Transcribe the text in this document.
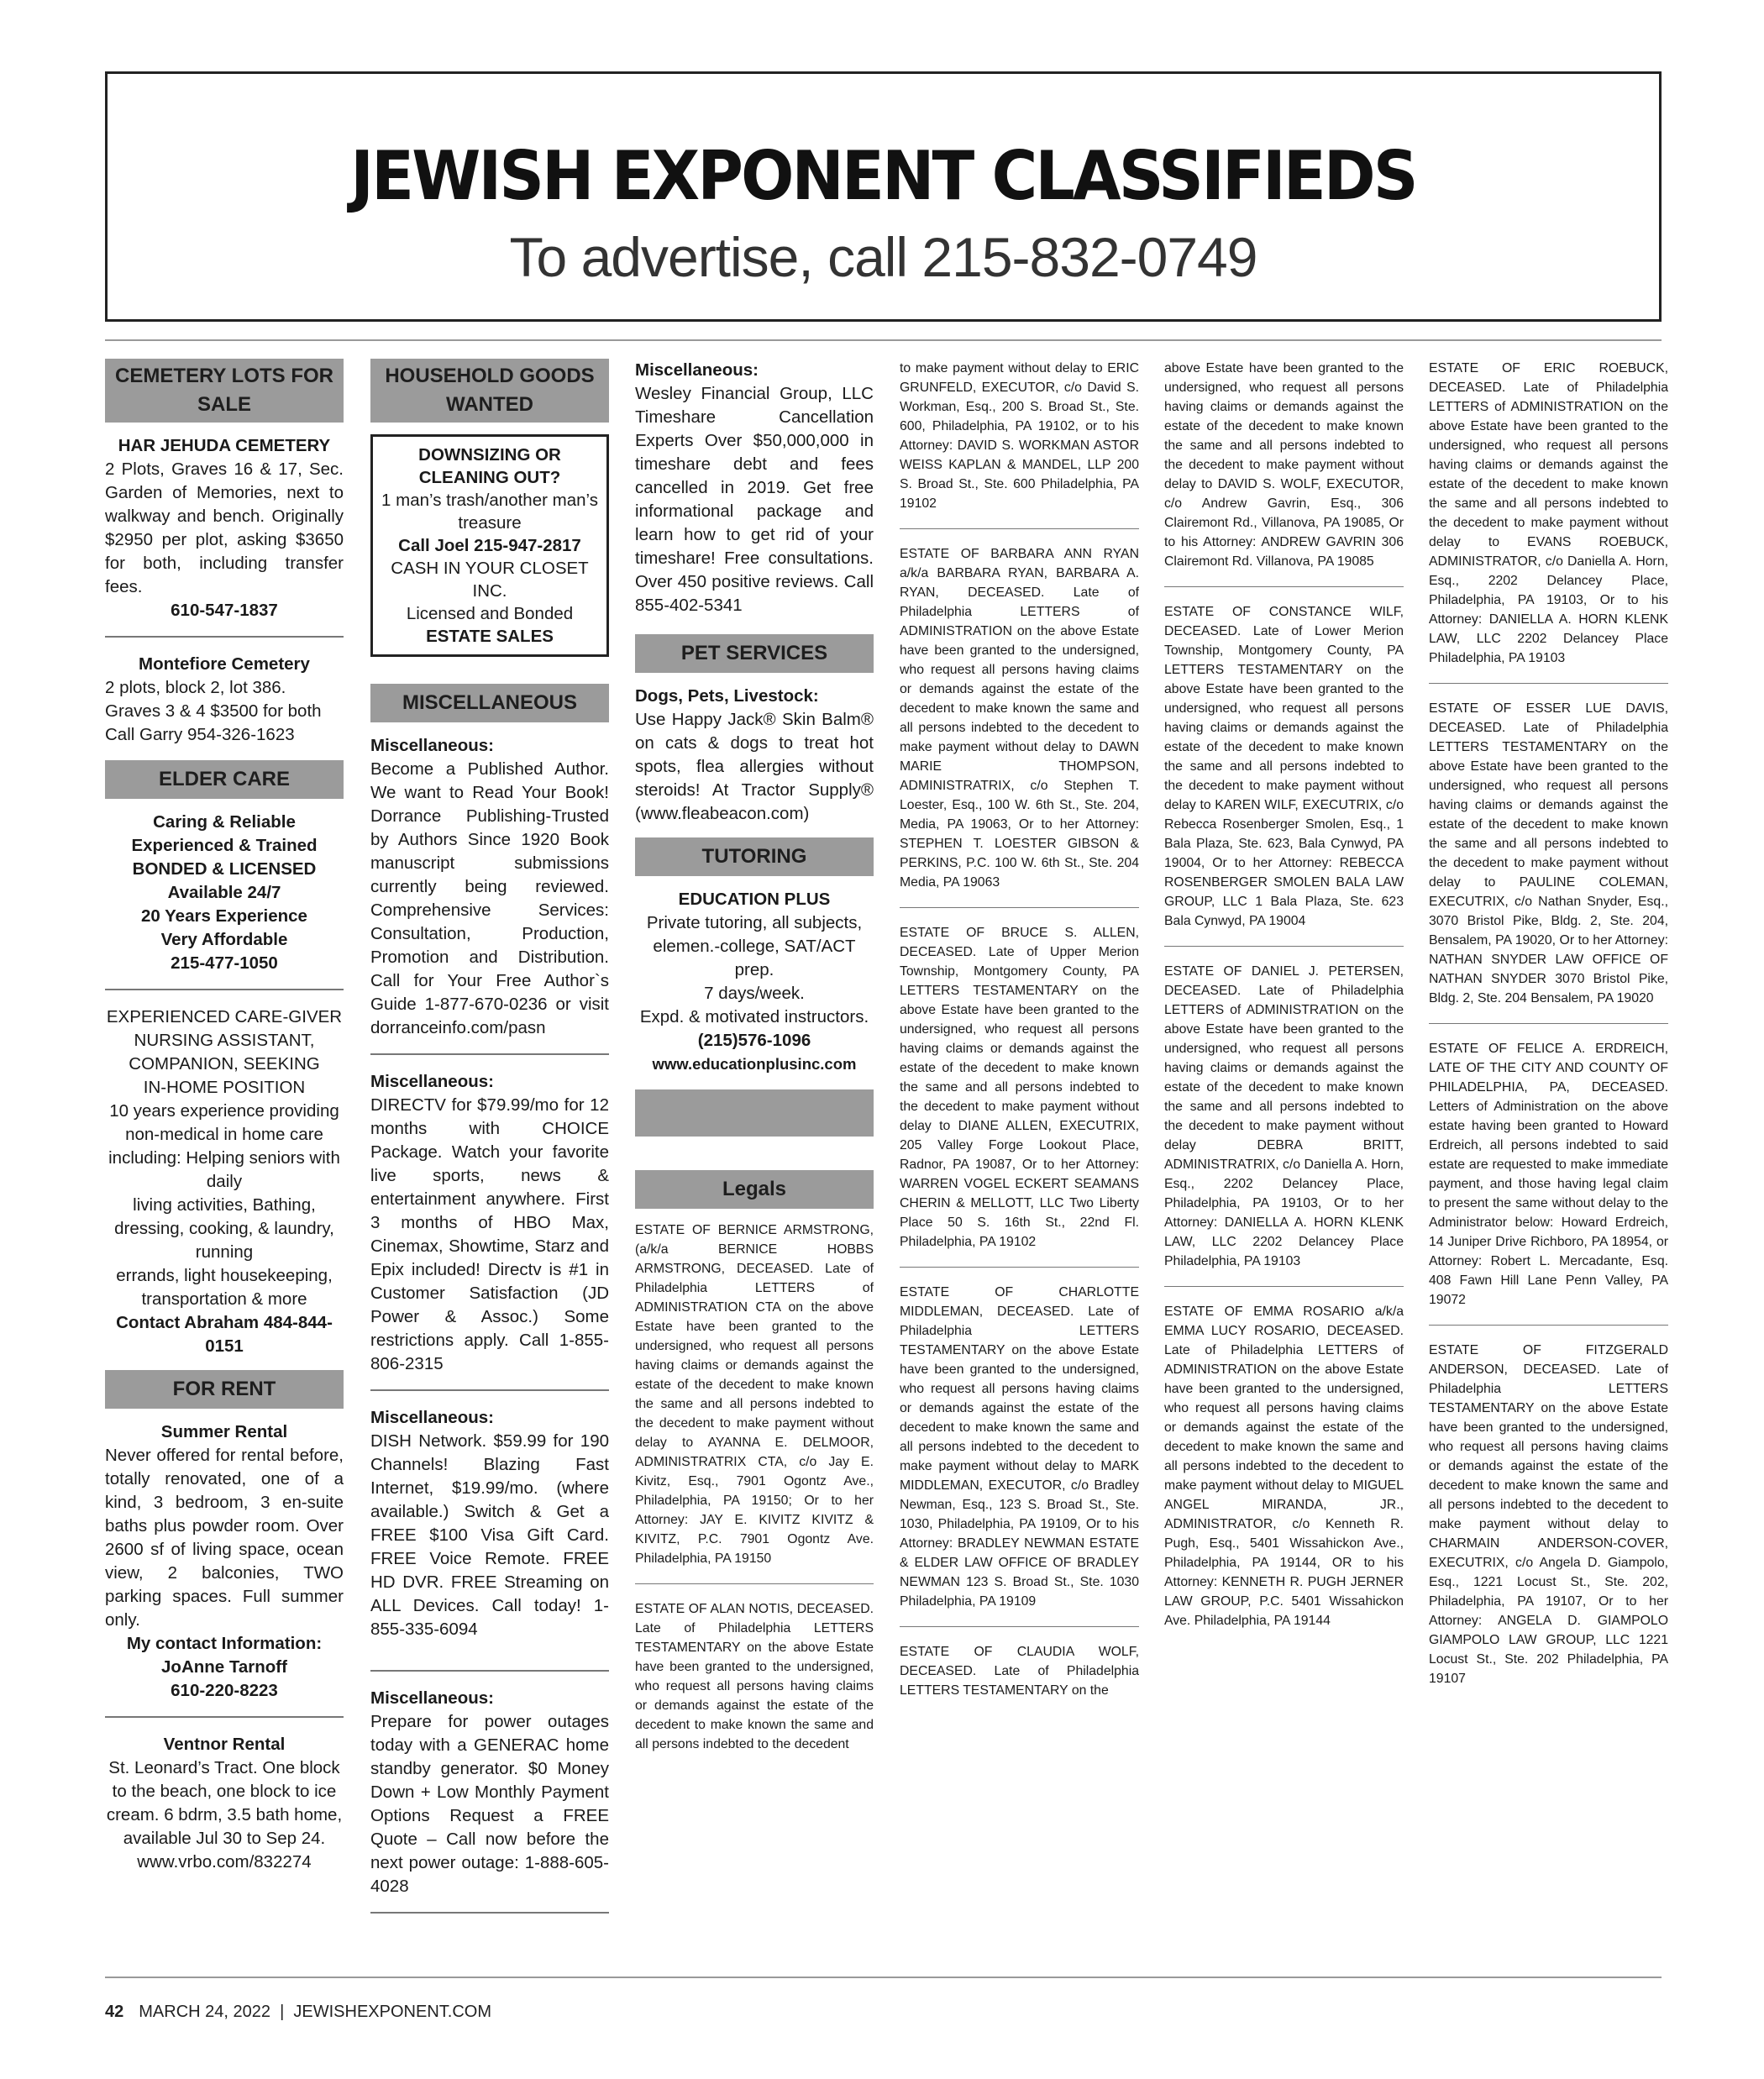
JEWISH EXPONENT CLASSIFIEDS
To advertise, call 215-832-0749
CEMETERY LOTS FOR SALE

HAR JEHUDA CEMETERY

2 Plots, Graves 16 & 17, Sec. Garden of Memories, next to walkway and bench. Originally $2950 per plot, asking $3650 for both, including transfer fees.

610-547-1837

Montefiore Cemetery

2 plots, block 2, lot 386.

Graves 3 & 4 $3500 for both

Call Garry 954-326-1623

ELDER CARE

Caring & Reliable

Experienced & Trained

BONDED & LICENSED

Available 24/7

20 Years Experience

Very Affordable

215-477-1050

EXPERIENCED CARE-GIVER

NURSING ASSISTANT,

COMPANION, SEEKING

IN-HOME POSITION

10 years experience providing non-medical in home care including: Helping seniors with daily

living activities, Bathing, dressing, cooking, & laundry, running

errands, light housekeeping, transportation & more

Contact Abraham 484-844-0151

FOR RENT

Summer Rental

Never offered for rental before, totally renovated, one of a kind, 3 bedroom, 3 en-suite baths plus powder room. Over 2600 sf of living space, ocean view, 2 balconies, TWO parking spaces. Full summer only.

My contact Information:

JoAnne Tarnoff

610-220-8223

Ventnor Rental

St. Leonard’s Tract. One block to the beach, one block to ice cream. 6 bdrm, 3.5 bath home, available Jul 30 to Sep 24.

www.vrbo.com/832274

HOUSEHOLD GOODS WANTED

DOWNSIZING OR CLEANING OUT?

1 man’s trash/another man’s treasure

Call Joel 215-947-2817

CASH IN YOUR CLOSET INC.

Licensed and Bonded

ESTATE SALES

MISCELLANEOUS

Miscellaneous:

Become a Published Author. We want to Read Your Book! Dorrance Publishing-Trusted by Authors Since 1920 Book manuscript submissions currently being reviewed. Comprehensive Services: Consultation, Production, Promotion and Distribution. Call for Your Free Author`s Guide 1-877-670-0236 or visit dorranceinfo.com/pasn

Miscellaneous:

DIRECTV for $79.99/mo for 12 months with CHOICE Package. Watch your favorite live sports, news & entertainment anywhere. First 3 months of HBO Max, Cinemax, Showtime, Starz and Epix included! Directv is #1 in Customer Satisfaction (JD Power & Assoc.) Some restrictions apply. Call 1-855-806-2315

Miscellaneous:

DISH Network. $59.99 for 190 Channels! Blazing Fast Internet, $19.99/mo. (where available.) Switch & Get a FREE $100 Visa Gift Card. FREE Voice Remote. FREE HD DVR. FREE Streaming on ALL Devices. Call today! 1-855-335-6094

Miscellaneous:

Prepare for power outages today with a GENERAC home standby generator. $0 Money Down + Low Monthly Payment Options Request a FREE Quote – Call now before the next power outage: 1-888-605-4028

Miscellaneous:

Wesley Financial Group, LLC Timeshare Cancellation Experts Over $50,000,000 in timeshare debt and fees cancelled in 2019. Get free informational package and learn how to get rid of your timeshare! Free consultations. Over 450 positive reviews. Call 855-402-5341

PET SERVICES

Dogs, Pets, Livestock:

Use Happy Jack® Skin Balm® on cats & dogs to treat hot spots, flea allergies without steroids! At Tractor Supply® (www.fleabeacon.com)

TUTORING

EDUCATION PLUS

Private tutoring, all subjects, elemen.-college, SAT/ACT prep.

7 days/week.

Expd. & motivated instructors.

(215)576-1096

www.educationplusinc.com

Legals

ESTATE OF BERNICE ARMSTRONG, (a/k/a BERNICE HOBBS ARMSTRONG, DECEASED. Late of Philadelphia LETTERS of ADMINISTRATION CTA on the above Estate have been granted to the undersigned, who request all persons having claims or demands against the estate of the decedent to make known the same and all persons indebted to the decedent to make payment without delay to AYANNA E. DELMOOR, ADMINISTRATRIX CTA, c/o Jay E. Kivitz, Esq., 7901 Ogontz Ave., Philadelphia, PA 19150; Or to her Attorney: JAY E. KIVITZ KIVITZ & KIVITZ, P.C. 7901 Ogontz Ave. Philadelphia, PA 19150

ESTATE OF ALAN NOTIS, DECEASED. Late of Philadelphia LETTERS TESTAMENTARY on the above Estate have been granted to the undersigned, who request all persons having claims or demands against the estate of the decedent to make known the same and all persons indebted to the decedent

to make payment without delay to ERIC GRUNFELD, EXECUTOR, c/o David S. Workman, Esq., 200 S. Broad St., Ste. 600, Philadelphia, PA 19102, or to his Attorney: DAVID S. WORKMAN ASTOR WEISS KAPLAN & MANDEL, LLP 200 S. Broad St., Ste. 600 Philadelphia, PA 19102

ESTATE OF BARBARA ANN RYAN a/k/a BARBARA RYAN, BARBARA A. RYAN, DECEASED. Late of Philadelphia LETTERS of ADMINISTRATION on the above Estate have been granted to the undersigned, who request all persons having claims or demands against the estate of the decedent to make known the same and all persons indebted to the decedent to make payment without delay to DAWN MARIE THOMPSON, ADMINISTRATRIX, c/o Stephen T. Loester, Esq., 100 W. 6th St., Ste. 204, Media, PA 19063, Or to her Attorney: STEPHEN T. LOESTER GIBSON & PERKINS, P.C. 100 W. 6th St., Ste. 204 Media, PA 19063

ESTATE OF BRUCE S. ALLEN, DECEASED. Late of Upper Merion Township, Montgomery County, PA LETTERS TESTAMENTARY on the above Estate have been granted to the undersigned, who request all persons having claims or demands against the estate of the decedent to make known the same and all persons indebted to the decedent to make payment without delay to DIANE ALLEN, EXECUTRIX, 205 Valley Forge Lookout Place, Radnor, PA 19087, Or to her Attorney: WARREN VOGEL ECKERT SEAMANS CHERIN & MELLOTT, LLC Two Liberty Place 50 S. 16th St., 22nd Fl. Philadelphia, PA 19102

ESTATE OF CHARLOTTE MIDDLEMAN, DECEASED. Late of Philadelphia LETTERS TESTAMENTARY on the above Estate have been granted to the undersigned, who request all persons having claims or demands against the estate of the decedent to make known the same and all persons indebted to the decedent to make payment without delay to MARK MIDDLEMAN, EXECUTOR, c/o Bradley Newman, Esq., 123 S. Broad St., Ste. 1030, Philadelphia, PA 19109, Or to his Attorney: BRADLEY NEWMAN ESTATE & ELDER LAW OFFICE OF BRADLEY NEWMAN 123 S. Broad St., Ste. 1030 Philadelphia, PA 19109

ESTATE OF CLAUDIA WOLF, DECEASED. Late of Philadelphia LETTERS TESTAMENTARY on the

above Estate have been granted to the undersigned, who request all persons having claims or demands against the estate of the decedent to make known the same and all persons indebted to the decedent to make payment without delay to DAVID S. WOLF, EXECUTOR, c/o Andrew Gavrin, Esq., 306 Clairemont Rd., Villanova, PA 19085, Or to his Attorney: ANDREW GAVRIN 306 Clairemont Rd. Villanova, PA 19085

ESTATE OF CONSTANCE WILF, DECEASED. Late of Lower Merion Township, Montgomery County, PA LETTERS TESTAMENTARY on the above Estate have been granted to the undersigned, who request all persons having claims or demands against the estate of the decedent to make known the same and all persons indebted to the decedent to make payment without delay to KAREN WILF, EXECUTRIX, c/o Rebecca Rosenberger Smolen, Esq., 1 Bala Plaza, Ste. 623, Bala Cynwyd, PA 19004, Or to her Attorney: REBECCA ROSENBERGER SMOLEN BALA LAW GROUP, LLC 1 Bala Plaza, Ste. 623 Bala Cynwyd, PA 19004

ESTATE OF DANIEL J. PETERSEN, DECEASED. Late of Philadelphia LETTERS of ADMINISTRATION on the above Estate have been granted to the undersigned, who request all persons having claims or demands against the estate of the decedent to make known the same and all persons indebted to the decedent to make payment without delay DEBRA BRITT, ADMINISTRATRIX, c/o Daniella A. Horn, Esq., 2202 Delancey Place, Philadelphia, PA 19103, Or to her Attorney: DANIELLA A. HORN KLENK LAW, LLC 2202 Delancey Place Philadelphia, PA 19103

ESTATE OF EMMA ROSARIO a/k/a EMMA LUCY ROSARIO, DECEASED. Late of Philadelphia LETTERS of ADMINISTRATION on the above Estate have been granted to the undersigned, who request all persons having claims or demands against the estate of the decedent to make known the same and all persons indebted to the decedent to make payment without delay to MIGUEL ANGEL MIRANDA, JR., ADMINISTRATOR, c/o Kenneth R. Pugh, Esq., 5401 Wissahickon Ave., Philadelphia, PA 19144, OR to his Attorney: KENNETH R. PUGH JERNER LAW GROUP, P.C. 5401 Wissahickon Ave. Philadelphia, PA 19144

ESTATE OF ERIC ROEBUCK, DECEASED. Late of Philadelphia LETTERS of ADMINISTRATION on the above Estate have been granted to the undersigned, who request all persons having claims or demands against the estate of the decedent to make known the same and all persons indebted to the decedent to make payment without delay to EVANS ROEBUCK, ADMINISTRATOR, c/o Daniella A. Horn, Esq., 2202 Delancey Place, Philadelphia, PA 19103, Or to his Attorney: DANIELLA A. HORN KLENK LAW, LLC 2202 Delancey Place Philadelphia, PA 19103

ESTATE OF ESSER LUE DAVIS, DECEASED. Late of Philadelphia LETTERS TESTAMENTARY on the above Estate have been granted to the undersigned, who request all persons having claims or demands against the estate of the decedent to make known the same and all persons indebted to the decedent to make payment without delay to PAULINE COLEMAN, EXECUTRIX, c/o Nathan Snyder, Esq., 3070 Bristol Pike, Bldg. 2, Ste. 204, Bensalem, PA 19020, Or to her Attorney: NATHAN SNYDER LAW OFFICE OF NATHAN SNYDER 3070 Bristol Pike, Bldg. 2, Ste. 204 Bensalem, PA 19020

ESTATE OF FELICE A. ERDREICH, LATE OF THE CITY AND COUNTY OF PHILADELPHIA, PA, DECEASED. Letters of Administration on the above estate having been granted to Howard Erdreich, all persons indebted to said estate are requested to make immediate payment, and those having legal claim to present the same without delay to the Administrator below: Howard Erdreich, 14 Juniper Drive Richboro, PA 18954, or Attorney: Robert L. Mercadante, Esq. 408 Fawn Hill Lane Penn Valley, PA 19072

ESTATE OF FITZGERALD ANDERSON, DECEASED. Late of Philadelphia LETTERS TESTAMENTARY on the above Estate have been granted to the undersigned, who request all persons having claims or demands against the estate of the decedent to make known the same and all persons indebted to the decedent to make payment without delay to CHARMAIN ANDERSON-COVER, EXECUTRIX, c/o Angela D. Giampolo, Esq., 1221 Locust St., Ste. 202, Philadelphia, PA 19107, Or to her Attorney: ANGELA D. GIAMPOLO GIAMPOLO LAW GROUP, LLC 1221 Locust St., Ste. 202 Philadelphia, PA 19107

42 MARCH 24, 2022  |  JEWISHEXPONENT.COM
